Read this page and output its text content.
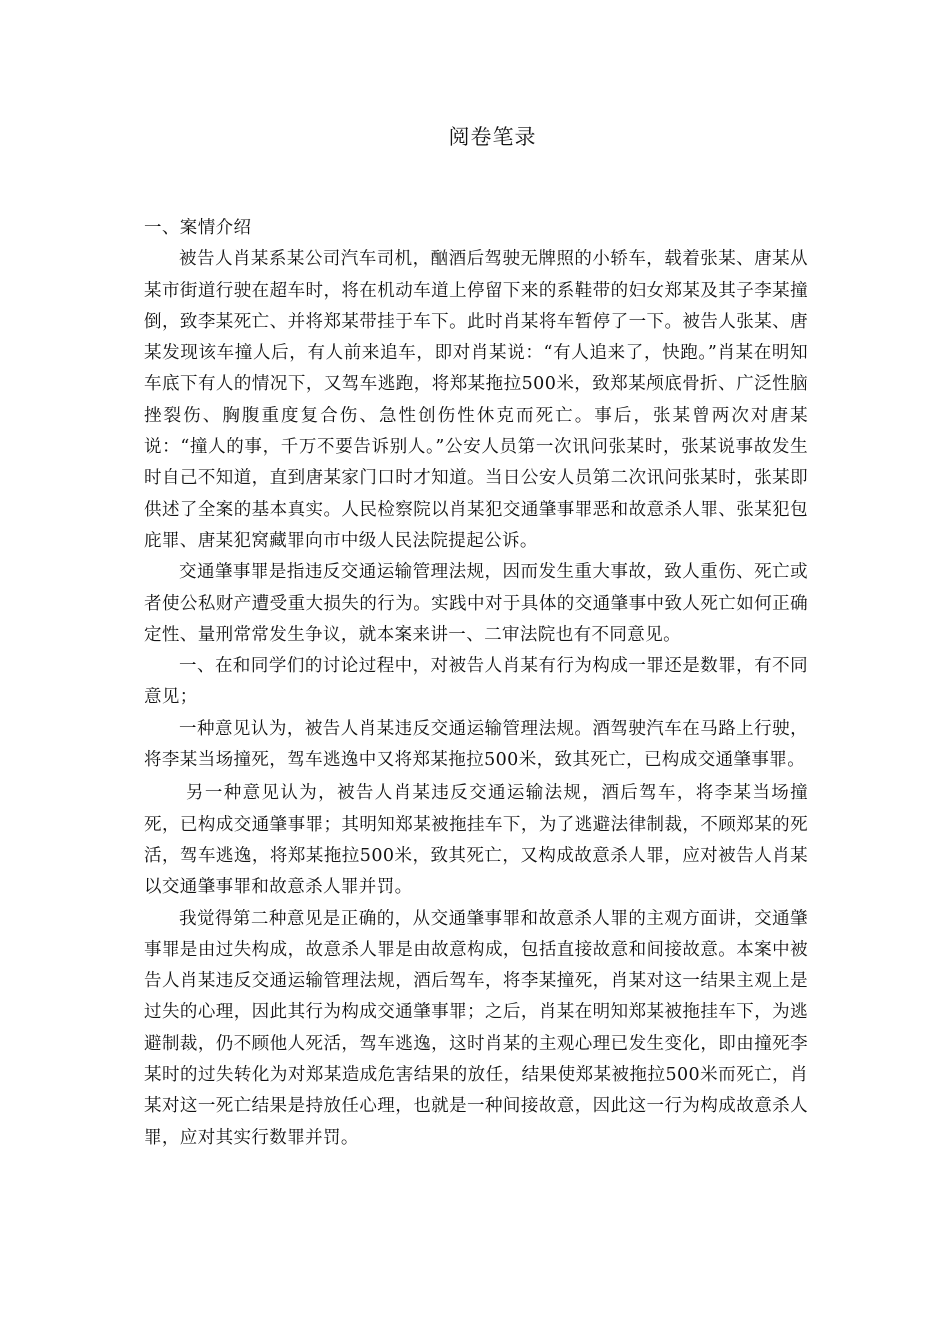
阅卷笔录

一、案情介绍

被告人肖某系某公司汽车司机，酗酒后驾驶无牌照的小轿车，载着张某、唐某从某市街道行驶在超车时，将在机动车道上停留下来的系鞋带的妇女郑某及其子李某撞倒，致李某死亡、并将郑某带挂于车下。此时肖某将车暂停了一下。被告人张某、唐某发现该车撞人后，有人前来追车，即对肖某说：“有人追来了，快跑。”肖某在明知车底下有人的情况下，又驾车逃跑，将郑某拖拉500米，致郑某颅底骨折、广泛性脑挫裂伤、胸腹重度复合伤、急性创伤性休克而死亡。事后，张某曾两次对唐某说：“撞人的事，千万不要告诉别人。”公安人员第一次讯问张某时，张某说事故发生时自己不知道，直到唐某家门口时才知道。当日公安人员第二次讯问张某时，张某即供述了全案的基本真实。人民检察院以肖某犯交通肇事罪恶和故意杀人罪、张某犯包庇罪、唐某犯窝藏罪向市中级人民法院提起公诉。

交通肇事罪是指违反交通运输管理法规，因而发生重大事故，致人重伤、死亡或者使公私财产遭受重大损失的行为。实践中对于具体的交通肇事中致人死亡如何正确定性、量刑常常发生争议，就本案来讲一、二审法院也有不同意见。

一、在和同学们的讨论过程中，对被告人肖某有行为构成一罪还是数罪，有不同意见；

一种意见认为，被告人肖某违反交通运输管理法规。酒驾驶汽车在马路上行驶，将李某当场撞死，驾车逃逸中又将郑某拖拉500米，致其死亡，已构成交通肇事罪。

另一种意见认为，被告人肖某违反交通运输法规，酒后驾车，将李某当场撞死，已构成交通肇事罪；其明知郑某被拖挂车下，为了逃避法律制裁，不顾郑某的死活，驾车逃逸，将郑某拖拉500米，致其死亡，又构成故意杀人罪，应对被告人肖某以交通肇事罪和故意杀人罪并罚。

我觉得第二种意见是正确的，从交通肇事罪和故意杀人罪的主观方面讲，交通肇事罪是由过失构成，故意杀人罪是由故意构成，包括直接故意和间接故意。本案中被告人肖某违反交通运输管理法规，酒后驾车，将李某撞死，肖某对这一结果主观上是过失的心理，因此其行为构成交通肇事罪；之后，肖某在明知郑某被拖挂车下，为逃避制裁，仍不顾他人死活，驾车逃逸，这时肖某的主观心理已发生变化，即由撞死李某时的过失转化为对郑某造成危害结果的放任，结果使郑某被拖拉500米而死亡，肖某对这一死亡结果是持放任心理，也就是一种间接故意，因此这一行为构成故意杀人罪，应对其实行数罪并罚。
